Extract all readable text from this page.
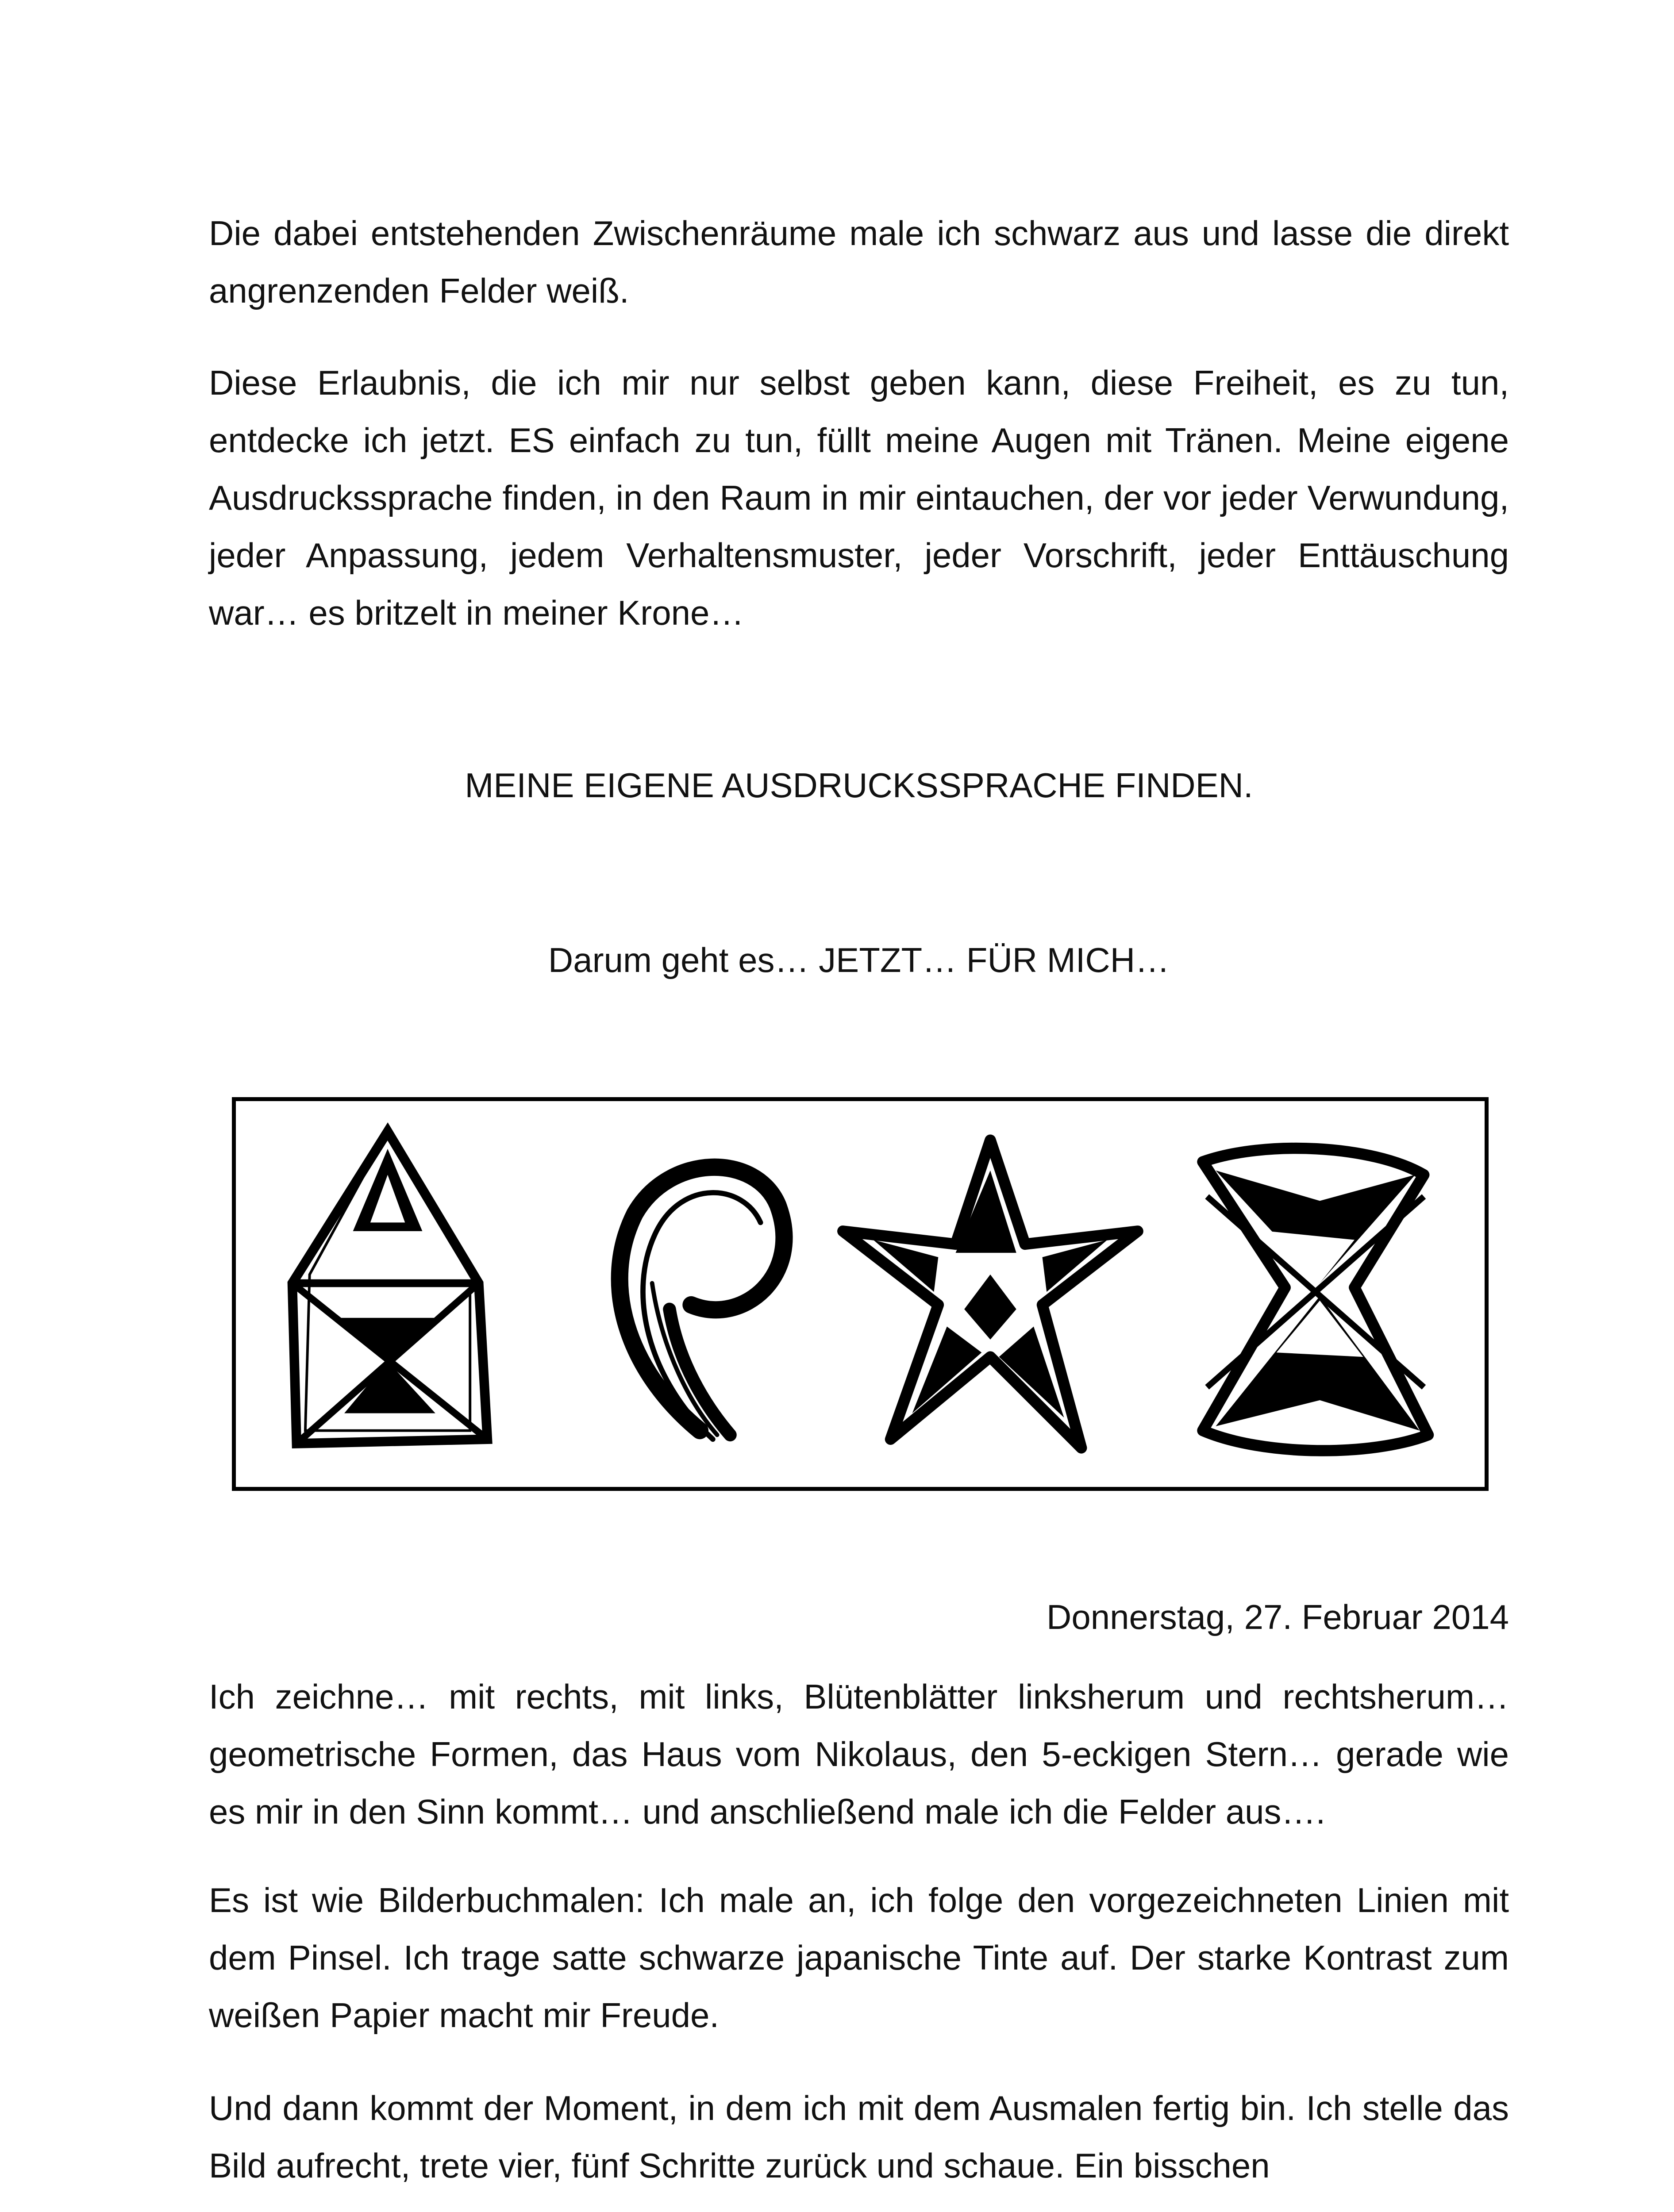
Die dabei entstehenden Zwischenräume male ich schwarz aus und lasse die direkt angrenzenden Felder weiß.

Diese Erlaubnis, die ich mir nur selbst geben kann, diese Freiheit, es zu tun, entdecke ich jetzt. ES einfach zu tun, füllt meine Augen mit Tränen. Meine eigene Ausdruckssprache finden, in den Raum in mir eintauchen, der vor jeder Verwundung, jeder Anpassung, jedem Verhaltensmuster, jeder Vorschrift, jeder Enttäuschung war… es britzelt in meiner Krone…

MEINE EIGENE AUSDRUCKSSPRACHE FINDEN.

Darum geht es… JETZT… FÜR MICH…

Donnerstag, 27. Februar 2014

Ich zeichne… mit rechts, mit links, Blütenblätter linksherum und rechtsherum… geometrische Formen, das Haus vom Nikolaus, den 5-eckigen Stern… gerade wie es mir in den Sinn kommt… und anschließend male ich die Felder aus….

Es ist wie Bilderbuchmalen: Ich male an, ich folge den vorgezeichneten Linien mit dem Pinsel. Ich trage satte schwarze japanische Tinte auf. Der starke Kontrast zum weißen Papier macht mir Freude.

Und dann kommt der Moment, in dem ich mit dem Ausmalen fertig bin. Ich stelle das Bild aufrecht, trete vier, fünf Schritte zurück und schaue. Ein bisschen
